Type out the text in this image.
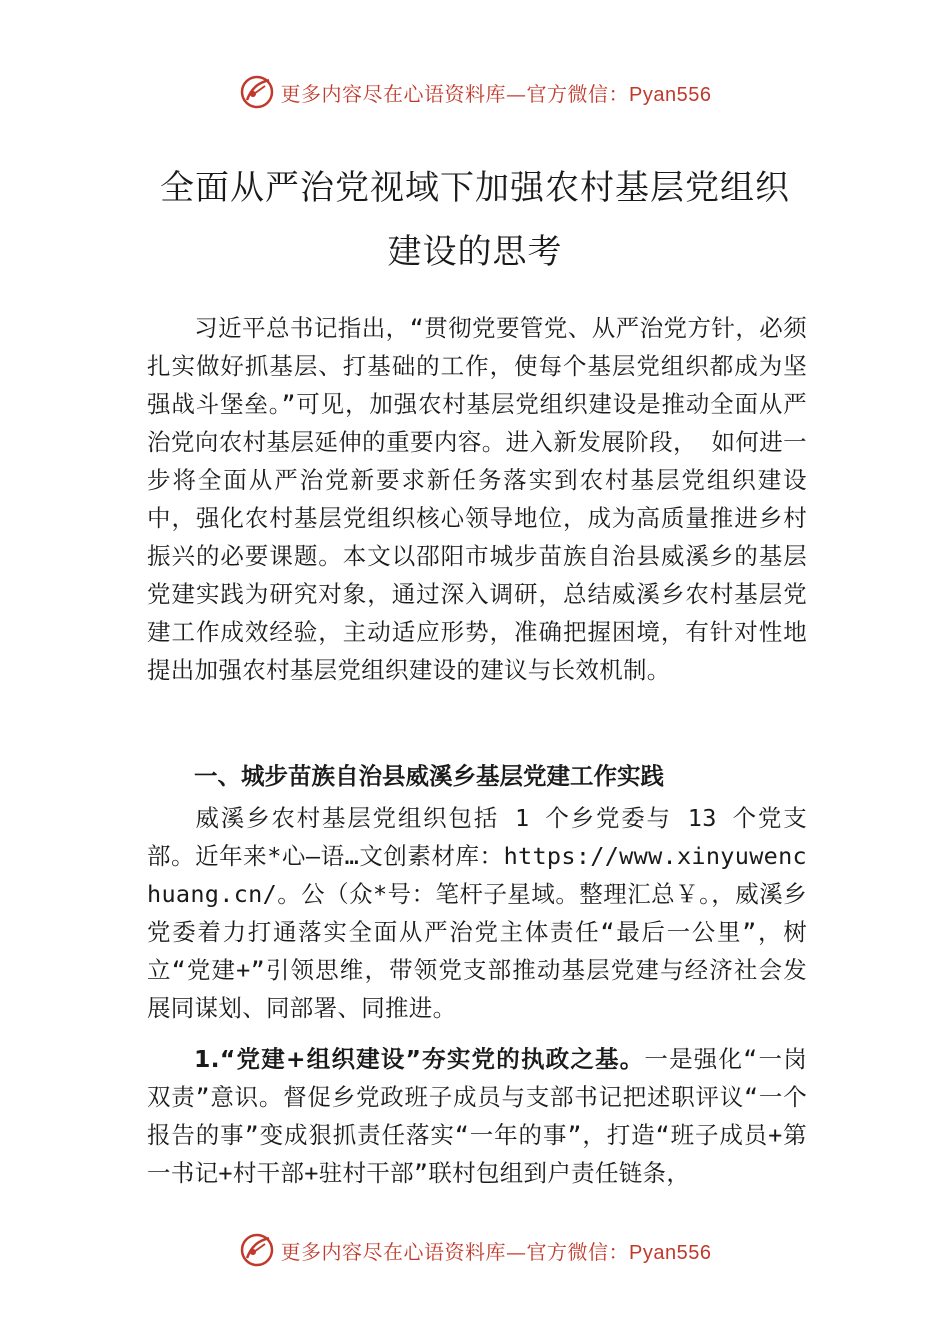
更多内容尽在心语资料库—官方微信：Pyan556
全面从严治党视域下加强农村基层党组织
建设的思考

习近平总书记指出，“贯彻党要管党、从严治党方针，必须扎实做好抓基层、打基础的工作，使每个基层党组织都成为坚强战斗堡垒。”可见，加强农村基层党组织建设是推动全面从严治党向农村基层延伸的重要内容。进入新发展阶段， 如何进一步将全面从严治党新要求新任务落实到农村基层党组织建设中，强化农村基层党组织核心领导地位，成为高质量推进乡村振兴的必要课题。本文以邵阳市城步苗族自治县威溪乡的基层党建实践为研究对象，通过深入调研，总结威溪乡农村基层党建工作成效经验，主动适应形势，准确把握困境，有针对性地提出加强农村基层党组织建设的建议与长效机制。

一、城步苗族自治县威溪乡基层党建工作实践

威溪乡农村基层党组织包括 1 个乡党委与 13 个党支部。近年来*心—语…文创素材库：https://www.xinyuwenchuang.cn/。公（众*号：笔杆子星域。整理汇总￥。，威溪乡党委着力打通落实全面从严治党主体责任“最后一公里”，树立“党建+”引领思维，带领党支部推动基层党建与经济社会发展同谋划、同部署、同推进。

1.“党建+组织建设”夯实党的执政之基。一是强化“一岗双责”意识。督促乡党政班子成员与支部书记把述职评议“一个报告的事”变成狠抓责任落实“一年的事”，打造“班子成员+第一书记+村干部+驻村干部”联村包组到户责任链条，

更多内容尽在心语资料库—官方微信：Pyan556
